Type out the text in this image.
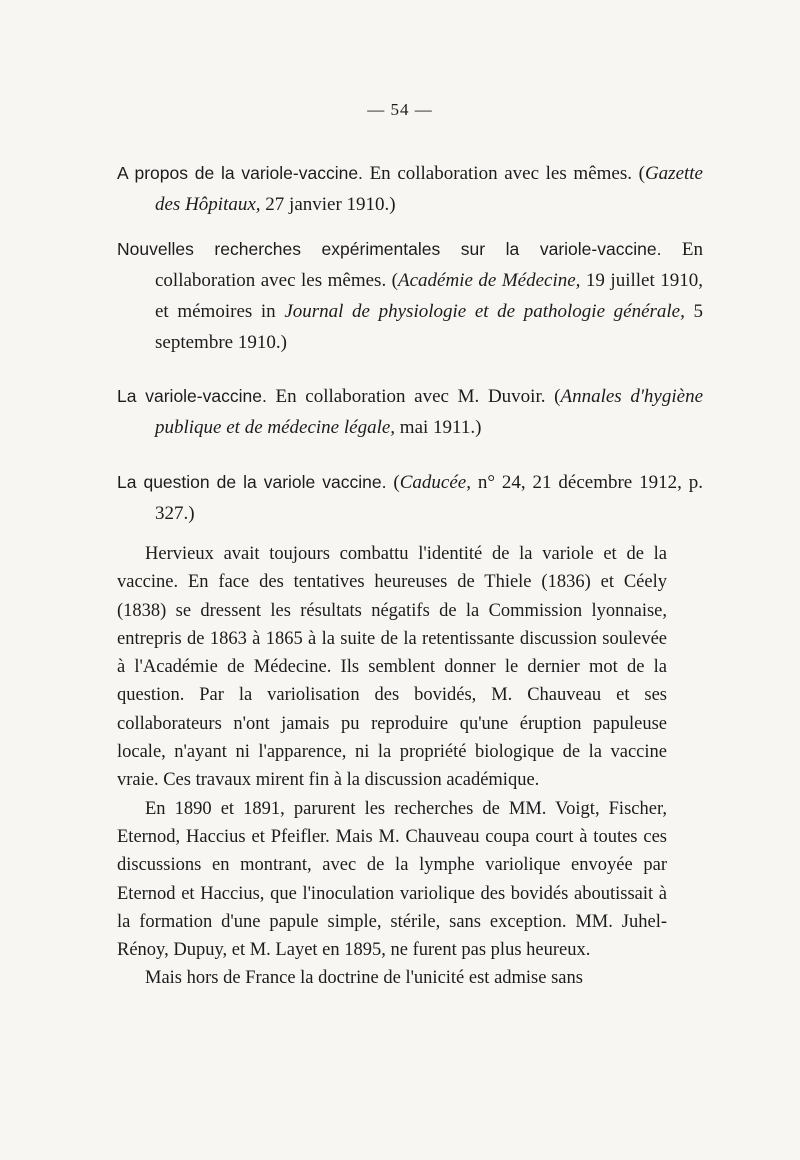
— 54 —
A propos de la variole-vaccine. En collaboration avec les mêmes. (Gazette des Hôpitaux, 27 janvier 1910.)
Nouvelles recherches expérimentales sur la variole-vaccine. En collaboration avec les mêmes. (Académie de Médecine, 19 juillet 1910, et mémoires in Journal de physiologie et de pathologie générale, 5 septembre 1910.)
La variole-vaccine. En collaboration avec M. Duvoir. (Annales d'hygiène publique et de médecine légale, mai 1911.)
La question de la variole vaccine. (Caducée, n° 24, 21 décembre 1912, p. 327.)

Hervieux avait toujours combattu l'identité de la variole et de la vaccine. En face des tentatives heureuses de Thiele (1836) et Céely (1838) se dressent les résultats négatifs de la Commission lyonnaise, entrepris de 1863 à 1865 à la suite de la retentissante discussion soulevée à l'Académie de Médecine. Ils semblent donner le dernier mot de la question. Par la variolisation des bovidés, M. Chauveau et ses collaborateurs n'ont jamais pu reproduire qu'une éruption papuleuse locale, n'ayant ni l'apparence, ni la propriété biologique de la vaccine vraie. Ces travaux mirent fin à la discussion académique.

En 1890 et 1891, parurent les recherches de MM. Voigt, Fischer, Eternod, Haccius et Pfeifler. Mais M. Chauveau coupa court à toutes ces discussions en montrant, avec de la lymphe variolique envoyée par Eternod et Haccius, que l'inoculation variolique des bovidés aboutissait à la formation d'une papule simple, stérile, sans exception. MM. Juhel-Rénoy, Dupuy, et M. Layet en 1895, ne furent pas plus heureux.

Mais hors de France la doctrine de l'unicité est admise sans
